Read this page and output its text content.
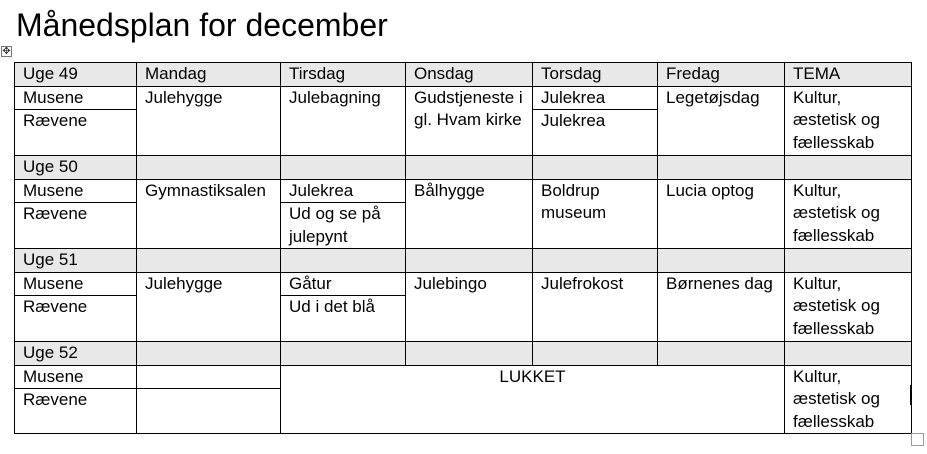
Månedsplan for december
✥
Uge 49	Mandag	Tirsdag	Onsdag	Torsdag	Fredag	TEMA
Musene	Julehygge	Julebagning	Gudstjeneste i gl. Hvam kirke	Julekrea	Legetøjsdag	Kultur, æstetisk og fællesskab
Rævene				Julekrea		
Uge 50						
Musene	Gymnastiksalen	Julekrea	Bålhygge	Boldrup museum	Lucia optog	Kultur, æstetisk og fællesskab
Rævene		Ud og se på julepynt				
Uge 51						
Musene	Julehygge	Gåtur	Julebingo	Julefrokost	Børnenes dag	Kultur, æstetisk og fællesskab
Rævene		Ud i det blå				
Uge 52						
Musene		LUKKET				Kultur, æstetisk og fællesskab
Rævene						
